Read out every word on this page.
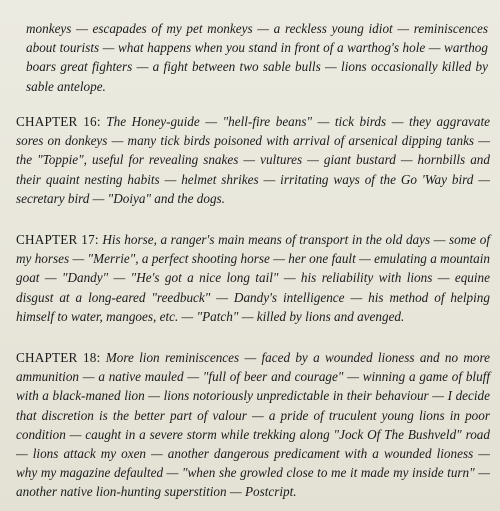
monkeys — escapades of my pet monkeys — a reckless young idiot — reminiscences about tourists — what happens when you stand in front of a warthog's hole — warthog boars great fighters — a fight between two sable bulls — lions occasionally killed by sable antelope.

CHAPTER 16: The Honey-guide — "hell-fire beans" — tick birds — they aggravate sores on donkeys — many tick birds poisoned with arrival of arsenical dipping tanks — the "Toppie", useful for revealing snakes — vultures — giant bustard — hornbills and their quaint nesting habits — helmet shrikes — irritating ways of the Go 'Way bird — secretary bird — "Doiya" and the dogs.

CHAPTER 17: His horse, a ranger's main means of transport in the old days — some of my horses — "Merrie", a perfect shooting horse — her one fault — emulating a mountain goat — "Dandy" — "He's got a nice long tail" — his reliability with lions — equine disgust at a long-eared "reedbuck" — Dandy's intelligence — his method of helping himself to water, mangoes, etc. — "Patch" — killed by lions and avenged.

CHAPTER 18: More lion reminiscences — faced by a wounded lioness and no more ammunition — a native mauled — "full of beer and courage" — winning a game of bluff with a black-maned lion — lions notoriously unpredictable in their behaviour — I decide that discretion is the better part of valour — a pride of truculent young lions in poor condition — caught in a severe storm while trekking along "Jock Of The Bushveld" road — lions attack my oxen — another dangerous predicament with a wounded lioness — why my magazine defaulted — "when she growled close to me it made my inside turn" — another native lion-hunting superstition — Postcript.
